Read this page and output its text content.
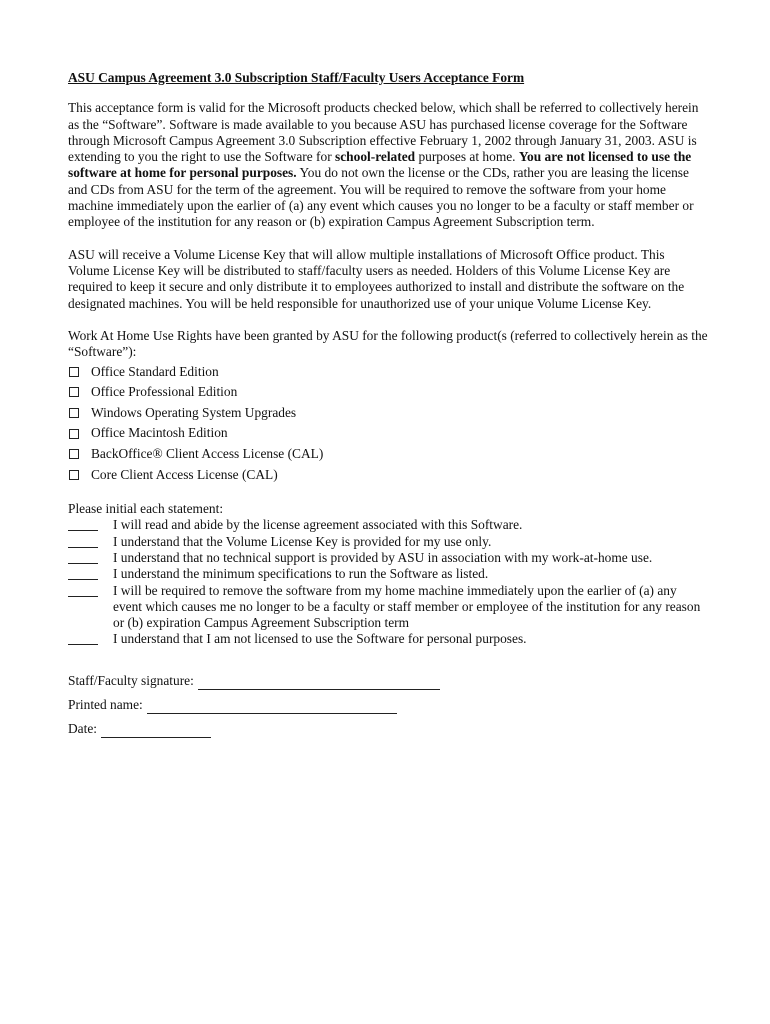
ASU Campus Agreement 3.0 Subscription Staff/Faculty Users Acceptance Form

This acceptance form is valid for the Microsoft products checked below, which shall be referred to collectively herein as the “Software”. Software is made available to you because ASU has purchased license coverage for the Software through Microsoft Campus Agreement 3.0 Subscription effective February 1, 2002 through January 31, 2003. ASU is extending to you the right to use the Software for school-related purposes at home. You are not licensed to use the software at home for personal purposes. You do not own the license or the CDs, rather you are leasing the license and CDs from ASU for the term of the agreement. You will be required to remove the software from your home machine immediately upon the earlier of (a) any event which causes you no longer to be a faculty or staff member or employee of the institution for any reason or (b) expiration Campus Agreement Subscription term.

ASU will receive a Volume License Key that will allow multiple installations of Microsoft Office product. This Volume License Key will be distributed to staff/faculty users as needed. Holders of this Volume License Key are required to keep it secure and only distribute it to employees authorized to install and distribute the software on the designated machines. You will be held responsible for unauthorized use of your unique Volume License Key.

Work At Home Use Rights have been granted by ASU for the following product(s (referred to collectively herein as the “Software”):

Office Standard Edition
Office Professional Edition
Windows Operating System Upgrades
Office Macintosh Edition
BackOffice® Client Access License (CAL)
Core Client Access License (CAL)

Please initial each statement:

I will read and abide by the license agreement associated with this Software.
I understand that the Volume License Key is provided for my use only.
I understand that no technical support is provided by ASU in association with my work-at-home use.
I understand the minimum specifications to run the Software as listed.
I will be required to remove the software from my home machine immediately upon the earlier of (a) any event which causes me no longer to be a faculty or staff member or employee of the institution for any reason or (b) expiration Campus Agreement Subscription term
I understand that I am not licensed to use the Software for personal purposes.
Staff/Faculty signature:
Printed name:
Date:
